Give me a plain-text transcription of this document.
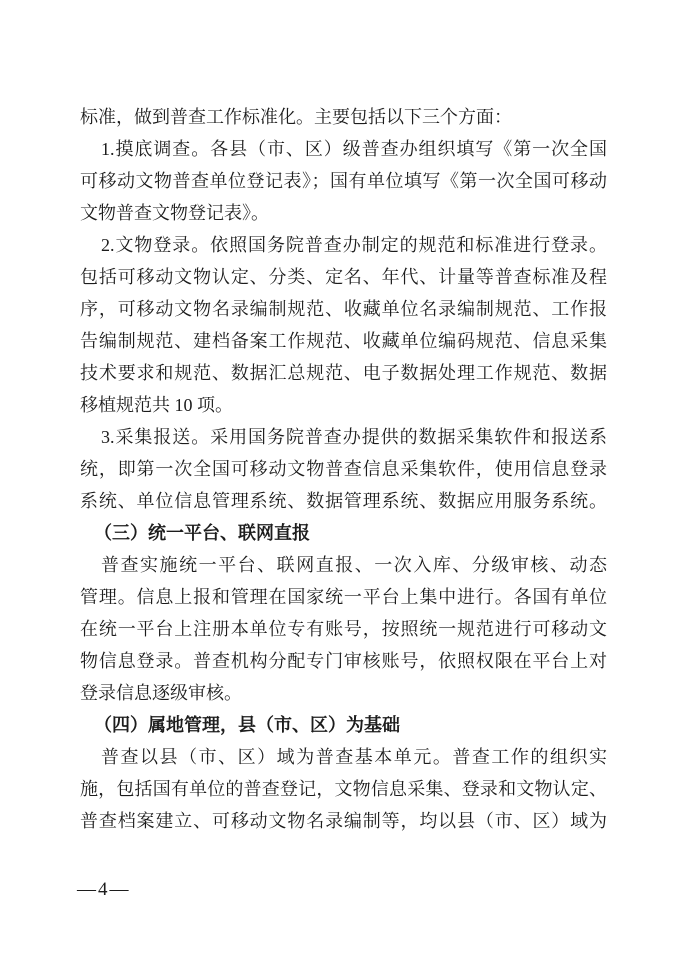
标准，做到普查工作标准化。主要包括以下三个方面：
1.摸底调查。各县（市、区）级普查办组织填写《第一次全国
可移动文物普查单位登记表》；国有单位填写《第一次全国可移动
文物普查文物登记表》。
2.文物登录。依照国务院普查办制定的规范和标准进行登录。
包括可移动文物认定、分类、定名、年代、计量等普查标准及程
序，可移动文物名录编制规范、收藏单位名录编制规范、工作报
告编制规范、建档备案工作规范、收藏单位编码规范、信息采集
技术要求和规范、数据汇总规范、电子数据处理工作规范、数据
移植规范共 10 项。
3.采集报送。采用国务院普查办提供的数据采集软件和报送系
统，即第一次全国可移动文物普查信息采集软件，使用信息登录
系统、单位信息管理系统、数据管理系统、数据应用服务系统。
（三）统一平台、联网直报
普查实施统一平台、联网直报、一次入库、分级审核、动态
管理。信息上报和管理在国家统一平台上集中进行。各国有单位
在统一平台上注册本单位专有账号，按照统一规范进行可移动文
物信息登录。普查机构分配专门审核账号，依照权限在平台上对
登录信息逐级审核。
（四）属地管理，县（市、区）为基础
普查以县（市、区）域为普查基本单元。普查工作的组织实
施，包括国有单位的普查登记，文物信息采集、登录和文物认定、
普查档案建立、可移动文物名录编制等，均以县（市、区）域为
—4—
